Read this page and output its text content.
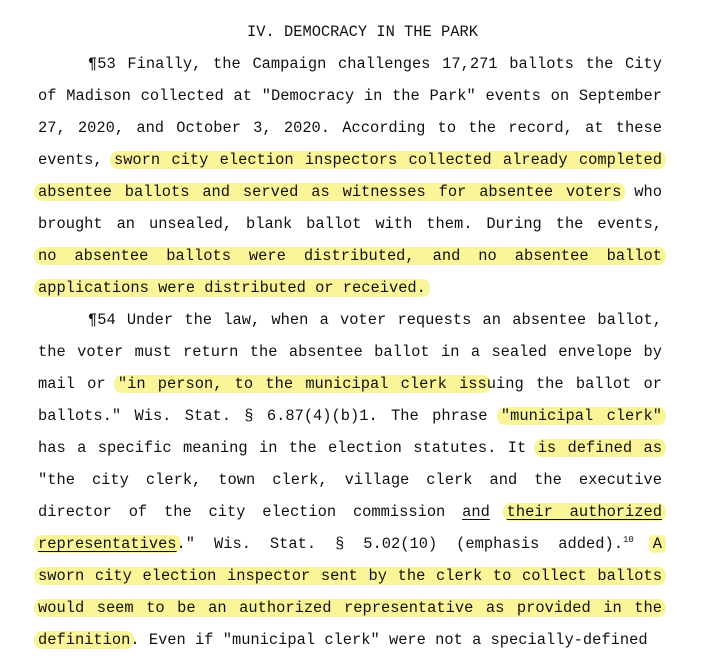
IV. DEMOCRACY IN THE PARK
¶53 Finally, the Campaign challenges 17,271 ballots the City
of Madison collected at "Democracy in the Park" events on September
27, 2020, and October 3, 2020. According to the record, at these
events, sworn city election inspectors collected already completed
absentee ballots and served as witnesses for absentee voters who
brought an unsealed, blank ballot with them. During the events,
no absentee ballots were distributed, and no absentee ballot
applications were distributed or received.
¶54 Under the law, when a voter requests an absentee ballot,
the voter must return the absentee ballot in a sealed envelope by
mail or "in person, to the municipal clerk issuing the ballot or
ballots." Wis. Stat. § 6.87(4)(b)1. The phrase "municipal clerk"
has a specific meaning in the election statutes. It is defined as
"the city clerk, town clerk, village clerk and the executive
director of the city election commission and their authorized
representatives." Wis. Stat. § 5.02(10) (emphasis added).$^{10}$ A
sworn city election inspector sent by the clerk to collect ballots
would seem to be an authorized representative as provided in the
definition. Even if "municipal clerk" were not a specially-defined
